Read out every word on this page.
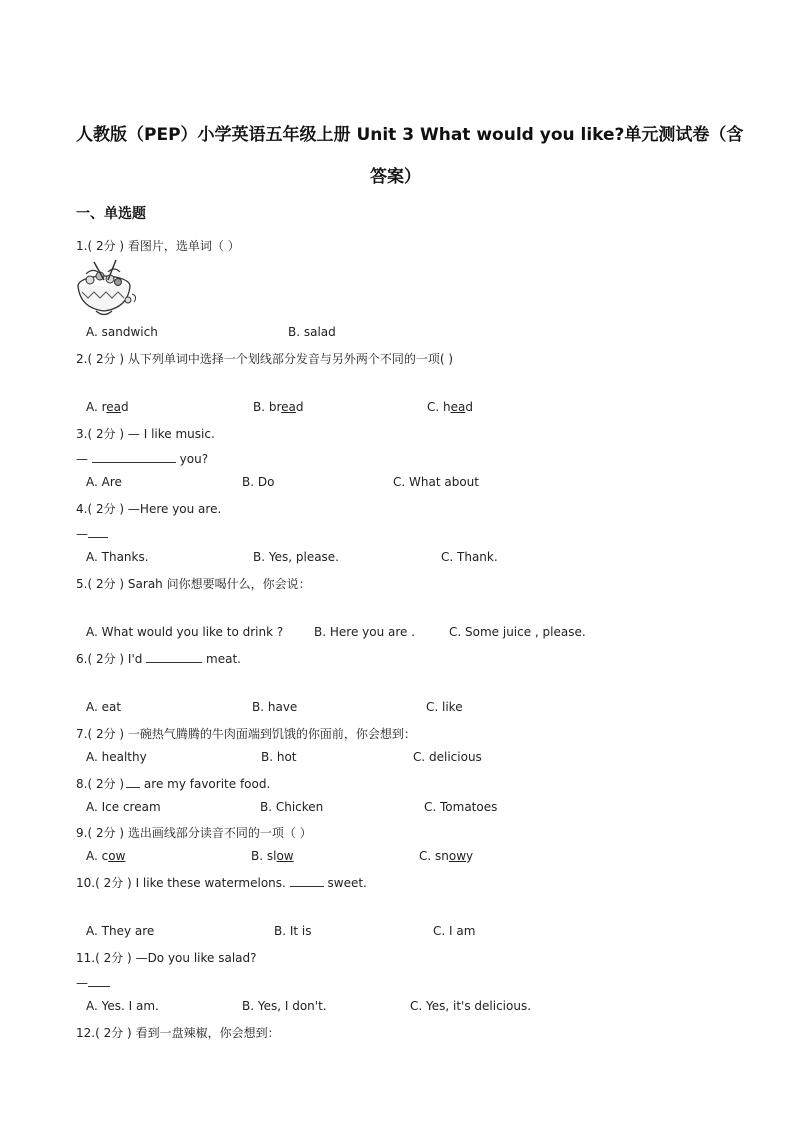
人教版（PEP）小学英语五年级上册 Unit 3 What would you like?单元测试卷（含
答案）
一、单选题
1.( 2分 ) 看图片，选单词（ ）
A. sandwich	B. salad
2.( 2分 ) 从下列单词中选择一个划线部分发音与另外两个不同的一项( )
A. read	B. bread	C. head
3.( 2分 ) — I like music.
—	you?
A. Are	B. Do	C. What about
4.( 2分 ) —Here you are.
—
A. Thanks.	B. Yes, please.	C. Thank.
5.( 2分 ) Sarah 问你想要喝什么，你会说：
A. What would you like to drink ?	B. Here you are .	C. Some juice , please.
6.( 2分 ) I'd	meat.
A. eat	B. have	C. like
7.( 2分 ) 一碗热气腾腾的牛肉面端到饥饿的你面前，你会想到：
A. healthy	B. hot	C. delicious
8.( 2分 ) are my favorite food.
A. Ice cream	B. Chicken	C. Tomatoes
9.( 2分 ) 选出画线部分读音不同的一项（ ）
A. cow	B. slow	C. snowy
10.( 2分 ) I like these watermelons.	sweet.
A. They are	B. It is	C. I am
11.( 2分 ) —Do you like salad?
—
A. Yes. I am.	B. Yes, I don't.	C. Yes, it's delicious.
12.( 2分 ) 看到一盘辣椒，你会想到：
